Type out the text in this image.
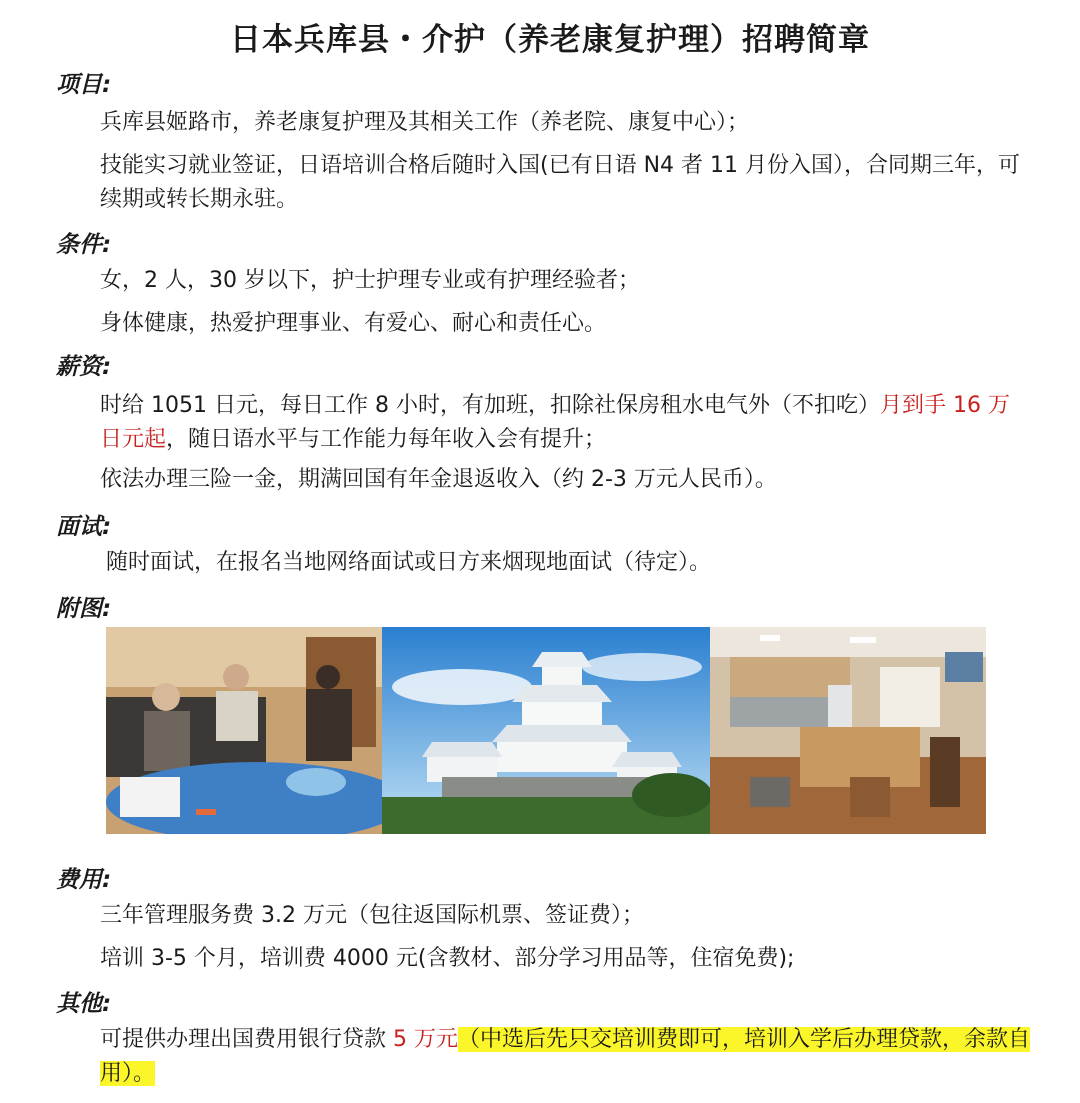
日本兵库县・介护（养老康复护理）招聘简章
项目:
兵库县姬路市，养老康复护理及其相关工作（养老院、康复中心）；
技能实习就业签证，日语培训合格后随时入国(已有日语 N4 者 11 月份入国），合同期三年，可续期或转长期永驻。
条件:
女，2 人，30 岁以下，护士护理专业或有护理经验者；
身体健康，热爱护理事业、有爱心、耐心和责任心。
薪资:
时给 1051 日元，每日工作 8 小时，有加班，扣除社保房租水电气外（不扣吃）月到手 16 万日元起，随日语水平与工作能力每年收入会有提升；
依法办理三险一金，期满回国有年金退返收入（约 2-3 万元人民币）。
面试:
随时面试，在报名当地网络面试或日方来烟现地面试（待定）。
附图:
费用:
三年管理服务费 3.2 万元（包往返国际机票、签证费）；
培训 3-5 个月，培训费 4000 元(含教材、部分学习用品等，住宿免费);
其他:
可提供办理出国费用银行贷款 5 万元（中选后先只交培训费即可，培训入学后办理贷款，余款自用）。
